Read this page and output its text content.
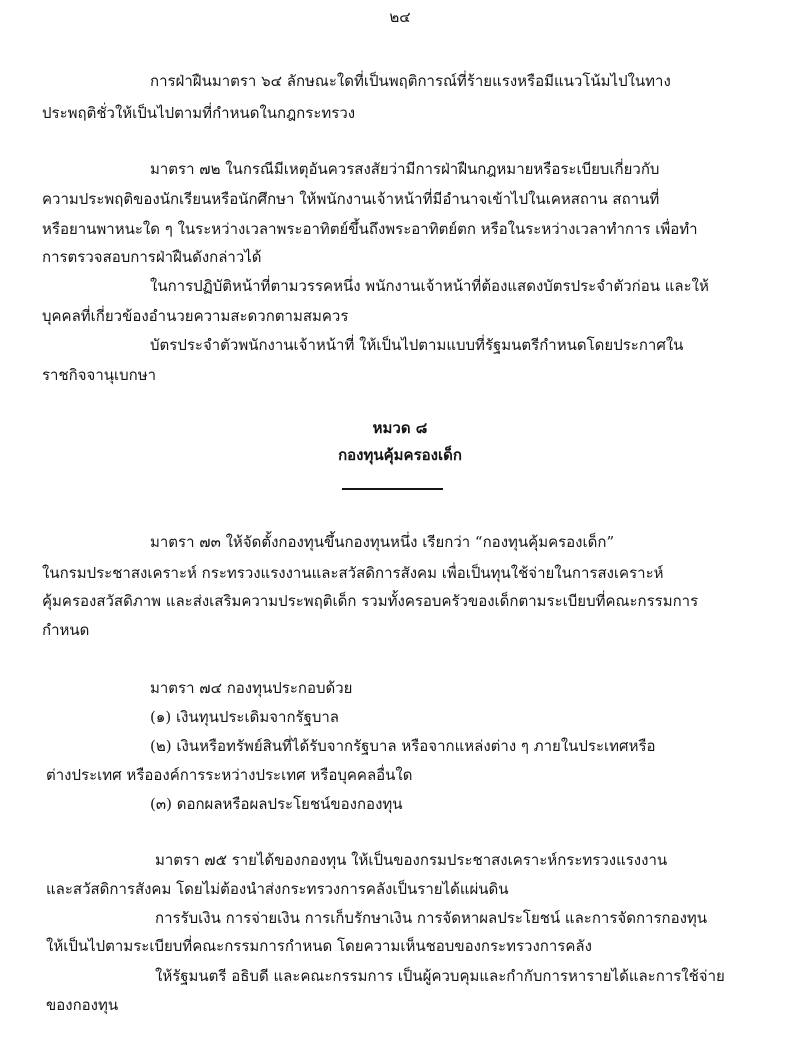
๒๔
การฝ่าฝืนมาตรา ๖๔ ลักษณะใดที่เป็นพฤติการณ์ที่ร้ายแรงหรือมีแนวโน้มไปในทาง
ประพฤติชั่วให้เป็นไปตามที่กำหนดในกฎกระทรวง
มาตรา ๗๒ ในกรณีมีเหตุอันควรสงสัยว่ามีการฝ่าฝืนกฎหมายหรือระเบียบเกี่ยวกับ
ความประพฤติของนักเรียนหรือนักศึกษา ให้พนักงานเจ้าหน้าที่มีอำนาจเข้าไปในเคหสถาน สถานที่
หรือยานพาหนะใด ๆ ในระหว่างเวลาพระอาทิตย์ขึ้นถึงพระอาทิตย์ตก หรือในระหว่างเวลาทำการ เพื่อทำ
การตรวจสอบการฝ่าฝืนดังกล่าวได้
ในการปฏิบัติหน้าที่ตามวรรคหนึ่ง พนักงานเจ้าหน้าที่ต้องแสดงบัตรประจำตัวก่อน และให้
บุคคลที่เกี่ยวข้องอำนวยความสะดวกตามสมควร
บัตรประจำตัวพนักงานเจ้าหน้าที่ ให้เป็นไปตามแบบที่รัฐมนตรีกำหนดโดยประกาศใน
ราชกิจจานุเบกษา
หมวด ๘
กองทุนคุ้มครองเด็ก
มาตรา ๗๓ ให้จัดตั้งกองทุนขึ้นกองทุนหนึ่ง เรียกว่า “กองทุนคุ้มครองเด็ก”
ในกรมประชาสงเคราะห์ กระทรวงแรงงานและสวัสดิการสังคม เพื่อเป็นทุนใช้จ่ายในการสงเคราะห์
คุ้มครองสวัสดิภาพ และส่งเสริมความประพฤติเด็ก รวมทั้งครอบครัวของเด็กตามระเบียบที่คณะกรรมการ
กำหนด
มาตรา ๗๔ กองทุนประกอบด้วย
(๑) เงินทุนประเดิมจากรัฐบาล
(๒) เงินหรือทรัพย์สินที่ได้รับจากรัฐบาล หรือจากแหล่งต่าง ๆ ภายในประเทศหรือ
ต่างประเทศ หรือองค์การระหว่างประเทศ หรือบุคคลอื่นใด
(๓) ดอกผลหรือผลประโยชน์ของกองทุน
มาตรา ๗๕ รายได้ของกองทุน ให้เป็นของกรมประชาสงเคราะห์กระทรวงแรงงาน
และสวัสดิการสังคม โดยไม่ต้องนำส่งกระทรวงการคลังเป็นรายได้แผ่นดิน
การรับเงิน การจ่ายเงิน การเก็บรักษาเงิน การจัดหาผลประโยชน์ และการจัดการกองทุน
ให้เป็นไปตามระเบียบที่คณะกรรมการกำหนด โดยความเห็นชอบของกระทรวงการคลัง
ให้รัฐมนตรี อธิบดี และคณะกรรมการ เป็นผู้ควบคุมและกำกับการหารายได้และการใช้จ่าย
ของกองทุน
